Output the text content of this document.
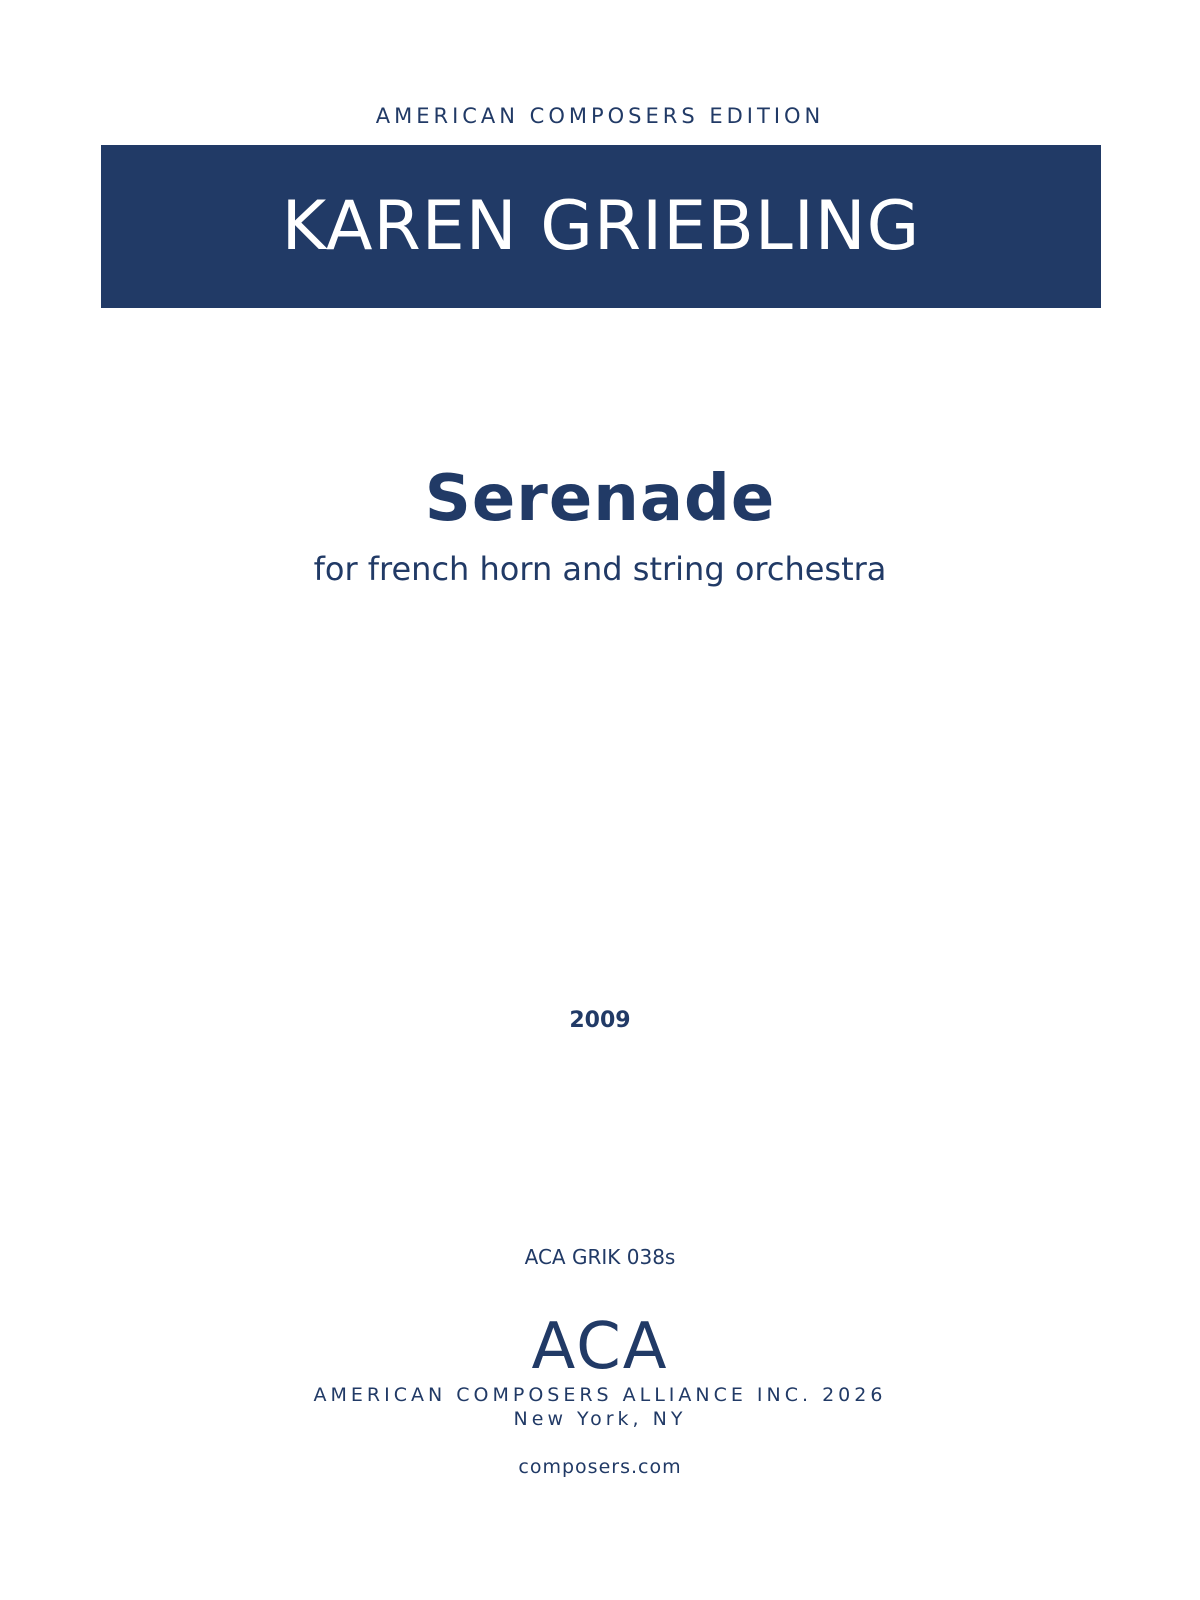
AMERICAN COMPOSERS EDITION
KAREN GRIEBLING
Serenade
for french horn and string orchestra
2009
ACA GRIK 038s
ACA
AMERICAN COMPOSERS ALLIANCE INC. 2026
New York, NY
composers.com
